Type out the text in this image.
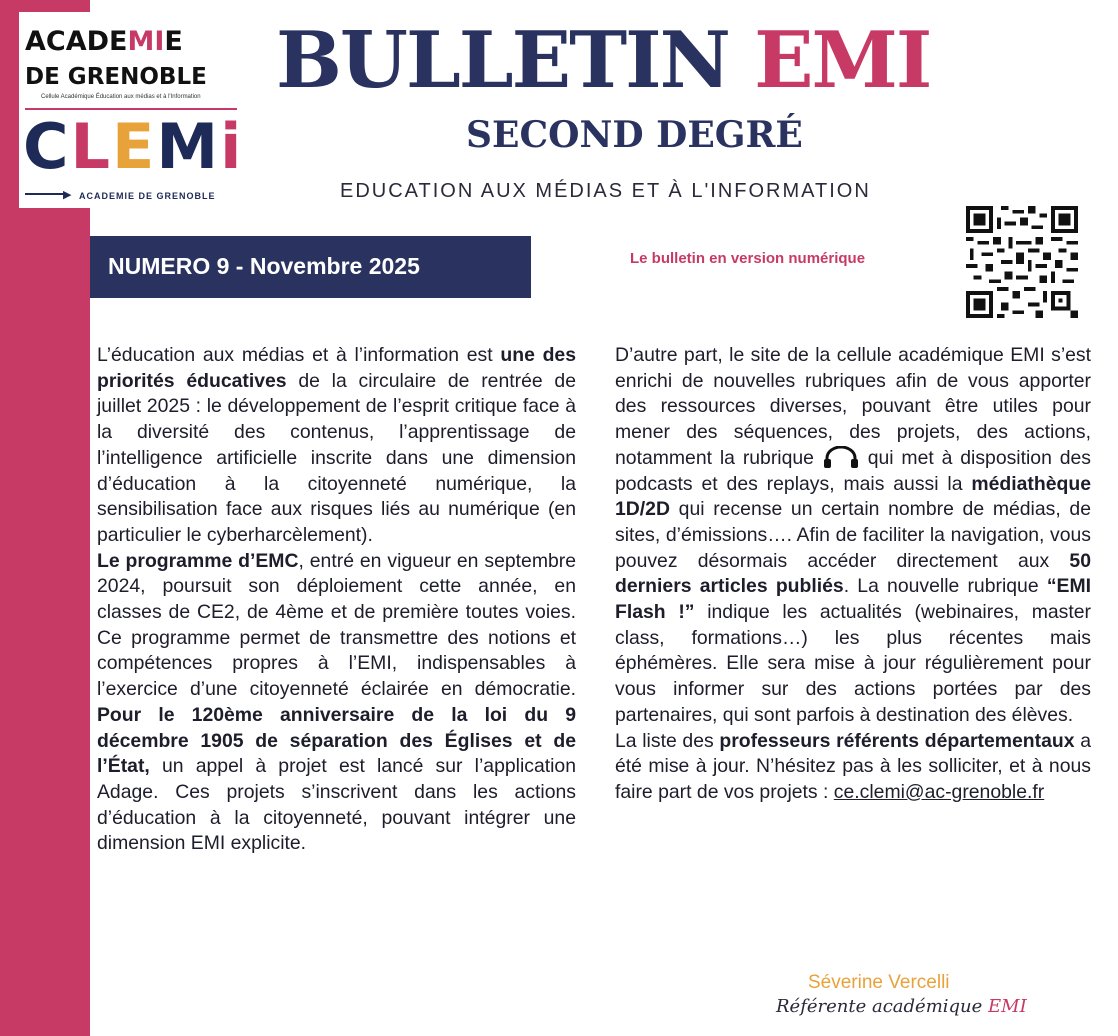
ACADEMIE
DE GRENOBLE
Cellule Académique Éducation aux médias et à l'Information
CLEMi
▶ ACADEMIE DE GRENOBLE
BULLETIN EMI
SECOND DEGRÉ
EDUCATION AUX MÉDIAS ET À L'INFORMATION
NUMERO 9 - Novembre 2025	Le bulletin en version numérique

L’éducation aux médias et à l’information est une des priorités éducatives de la circulaire de rentrée de juillet 2025 : le développement de l’esprit critique face à la diversité des contenus, l’apprentissage de l’intelligence artificielle inscrite dans une dimension d’éducation à la citoyenneté numérique, la sensibilisation face aux risques liés au numérique (en particulier le cyberharcèlement).

Le programme d’EMC, entré en vigueur en septembre 2024, poursuit son déploiement cette année, en classes de CE2, de 4ème et de première toutes voies. Ce programme permet de transmettre des notions et compétences propres à l’EMI, indispensables à l’exercice d’une citoyenneté éclairée en démocratie. Pour le 120ème anniversaire de la loi du 9 décembre 1905 de séparation des Églises et de l’État, un appel à projet est lancé sur l’application Adage. Ces projets s’inscrivent dans les actions d’éducation à la citoyenneté, pouvant intégrer une dimension EMI explicite.

D’autre part, le site de la cellule académique EMI s’est enrichi de nouvelles rubriques afin de vous apporter des ressources diverses, pouvant être utiles pour mener des séquences, des projets, des actions, notamment la rubrique  qui met à disposition des podcasts et des replays, mais aussi la médiathèque 1D/2D qui recense un certain nombre de médias, de sites, d’émissions…. Afin de faciliter la navigation, vous pouvez désormais accéder directement aux 50 derniers articles publiés. La nouvelle rubrique “EMI Flash !” indique les actualités (webinaires, master class, formations…) les plus récentes mais éphémères. Elle sera mise à jour régulièrement pour vous informer sur des actions portées par des partenaires, qui sont parfois à destination des élèves.

La liste des professeurs référents départementaux a été mise à jour. N’hésitez pas à les solliciter, et à nous faire part de vos projets : ce.clemi@ac-grenoble.fr

Séverine Vercelli
Référente académique EMI
